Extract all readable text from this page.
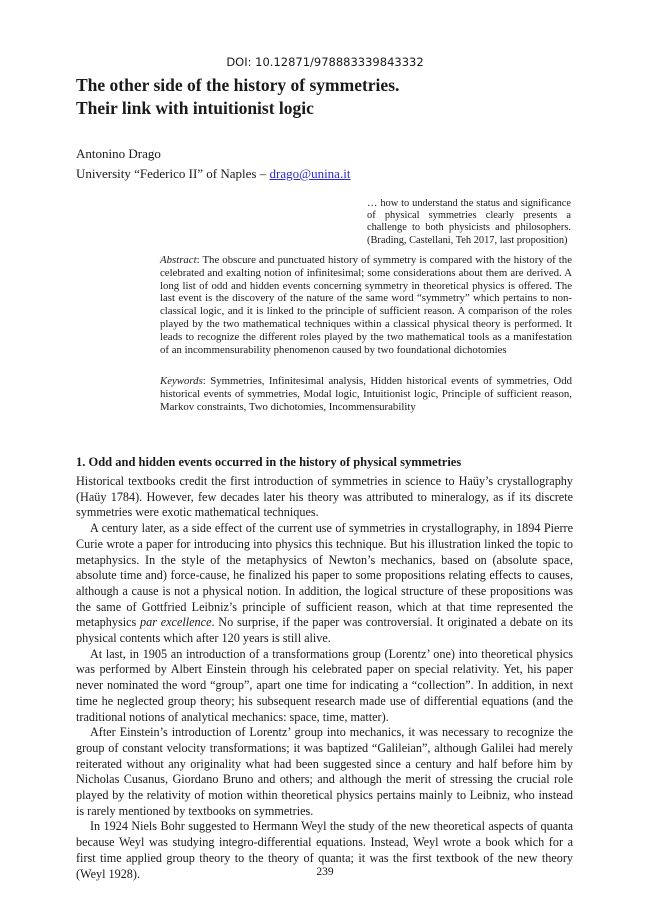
DOI: 10.12871/978883339843332
The other side of the history of symmetries.
Their link with intuitionist logic
Antonino Drago
University “Federico II” of Naples – drago@unina.it
… how to understand the status and significance of physical symmetries clearly presents a challenge to both physicists and philosophers. (Brading, Castellani, Teh 2017, last proposition)
Abstract: The obscure and punctuated history of symmetry is compared with the history of the celebrated and exalting notion of infinitesimal; some considerations about them are derived. A long list of odd and hidden events concerning symmetry in theoretical physics is offered. The last event is the discovery of the nature of the same word “symmetry” which pertains to non-classical logic, and it is linked to the principle of sufficient reason. A comparison of the roles played by the two mathematical techniques within a classical physical theory is performed. It leads to recognize the different roles played by the two mathematical tools as a manifestation of an incommensurability phenomenon caused by two foundational dichotomies
Keywords: Symmetries, Infinitesimal analysis, Hidden historical events of symmetries, Odd historical events of symmetries, Modal logic, Intuitionist logic, Principle of sufficient reason, Markov constraints, Two dichotomies, Incommensurability
1. Odd and hidden events occurred in the history of physical symmetries

Historical textbooks credit the first introduction of symmetries in science to Haüy’s crystallography (Haüy 1784). However, few decades later his theory was attributed to mineralogy, as if its discrete symmetries were exotic mathematical techniques.

A century later, as a side effect of the current use of symmetries in crystallography, in 1894 Pierre Curie wrote a paper for introducing into physics this technique. But his illustration linked the topic to metaphysics. In the style of the metaphysics of Newton’s mechanics, based on (absolute space, absolute time and) force-cause, he finalized his paper to some propositions relating effects to causes, although a cause is not a physical notion. In addition, the logical structure of these propositions was the same of Gottfried Leibniz’s principle of sufficient reason, which at that time represented the metaphysics par excellence. No surprise, if the paper was controversial. It originated a debate on its physical contents which after 120 years is still alive.

At last, in 1905 an introduction of a transformations group (Lorentz’ one) into theoretical physics was performed by Albert Einstein through his celebrated paper on special relativity. Yet, his paper never nominated the word “group”, apart one time for indicating a “collection”. In addition, in next time he neglected group theory; his subsequent research made use of differential equations (and the traditional notions of analytical mechanics: space, time, matter).

After Einstein’s introduction of Lorentz’ group into mechanics, it was necessary to recognize the group of constant velocity transformations; it was baptized “Galileian”, although Galilei had merely reiterated without any originality what had been suggested since a century and half before him by Nicholas Cusanus, Giordano Bruno and others; and although the merit of stressing the crucial role played by the relativity of motion within theoretical physics pertains mainly to Leibniz, who instead is rarely mentioned by textbooks on symmetries.

In 1924 Niels Bohr suggested to Hermann Weyl the study of the new theoretical aspects of quanta because Weyl was studying integro-differential equations. Instead, Weyl wrote a book which for a first time applied group theory to the theory of quanta; it was the first textbook of the new theory (Weyl 1928).	239
